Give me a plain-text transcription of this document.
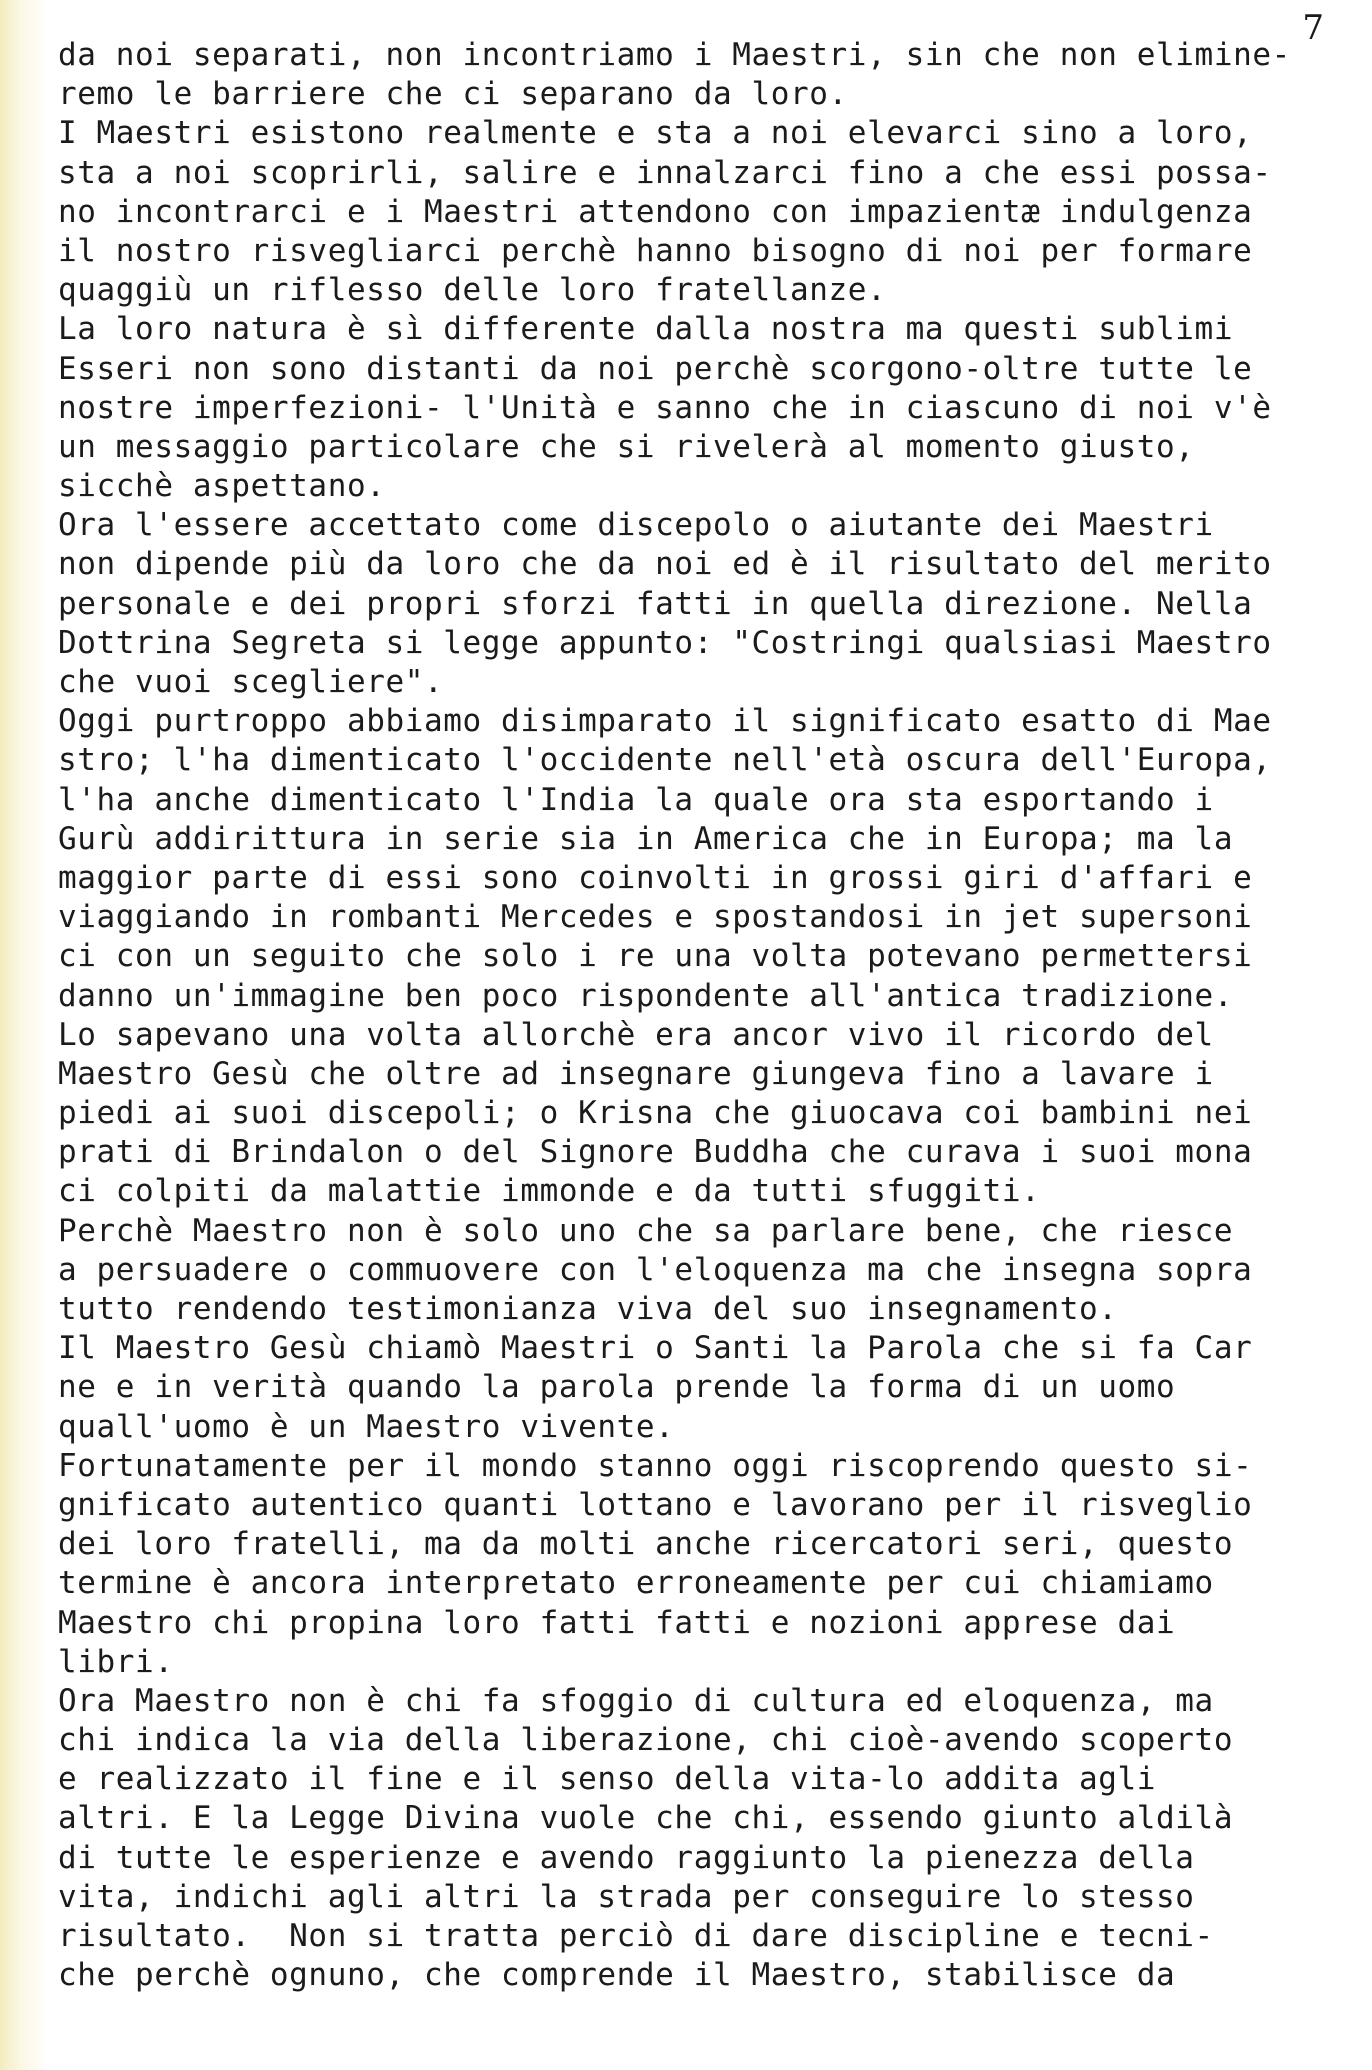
7
da noi separati, non incontriamo i Maestri, sin che non elimine-
remo le barriere che ci separano da loro.
I Maestri esistono realmente e sta a noi elevarci sino a loro,
sta a noi scoprirli, salire e innalzarci fino a che essi possa-
no incontrarci e i Maestri attendono con impazientæ indulgenza
il nostro risvegliarci perchè hanno bisogno di noi per formare
quaggiù un riflesso delle loro fratellanze.
La loro natura è sì differente dalla nostra ma questi sublimi
Esseri non sono distanti da noi perchè scorgono-oltre tutte le
nostre imperfezioni- l'Unità e sanno che in ciascuno di noi v'è
un messaggio particolare che si rivelerà al momento giusto,
sicchè aspettano.
Ora l'essere accettato come discepolo o aiutante dei Maestri
non dipende più da loro che da noi ed è il risultato del merito
personale e dei propri sforzi fatti in quella direzione. Nella
Dottrina Segreta si legge appunto: "Costringi qualsiasi Maestro
che vuoi scegliere".
Oggi purtroppo abbiamo disimparato il significato esatto di Mae
stro; l'ha dimenticato l'occidente nell'età oscura dell'Europa,
l'ha anche dimenticato l'India la quale ora sta esportando i
Gurù addirittura in serie sia in America che in Europa; ma la
maggior parte di essi sono coinvolti in grossi giri d'affari e
viaggiando in rombanti Mercedes e spostandosi in jet supersoni
ci con un seguito che solo i re una volta potevano permettersi
danno un'immagine ben poco rispondente all'antica tradizione.
Lo sapevano una volta allorchè era ancor vivo il ricordo del
Maestro Gesù che oltre ad insegnare giungeva fino a lavare i
piedi ai suoi discepoli; o Krisna che giuocava coi bambini nei
prati di Brindalon o del Signore Buddha che curava i suoi mona
ci colpiti da malattie immonde e da tutti sfuggiti.
Perchè Maestro non è solo uno che sa parlare bene, che riesce
a persuadere o commuovere con l'eloquenza ma che insegna sopra
tutto rendendo testimonianza viva del suo insegnamento.
Il Maestro Gesù chiamò Maestri o Santi la Parola che si fa Car
ne e in verità quando la parola prende la forma di un uomo
quall'uomo è un Maestro vivente.
Fortunatamente per il mondo stanno oggi riscoprendo questo si-
gnificato autentico quanti lottano e lavorano per il risveglio
dei loro fratelli, ma da molti anche ricercatori seri, questo
termine è ancora interpretato erroneamente per cui chiamiamo
Maestro chi propina loro fatti fatti e nozioni apprese dai
libri.
Ora Maestro non è chi fa sfoggio di cultura ed eloquenza, ma
chi indica la via della liberazione, chi cioè-avendo scoperto
e realizzato il fine e il senso della vita-lo addita agli
altri. E la Legge Divina vuole che chi, essendo giunto aldilà
di tutte le esperienze e avendo raggiunto la pienezza della
vita, indichi agli altri la strada per conseguire lo stesso
risultato.  Non si tratta perciò di dare discipline e tecni-
che perchè ognuno, che comprende il Maestro, stabilisce da
